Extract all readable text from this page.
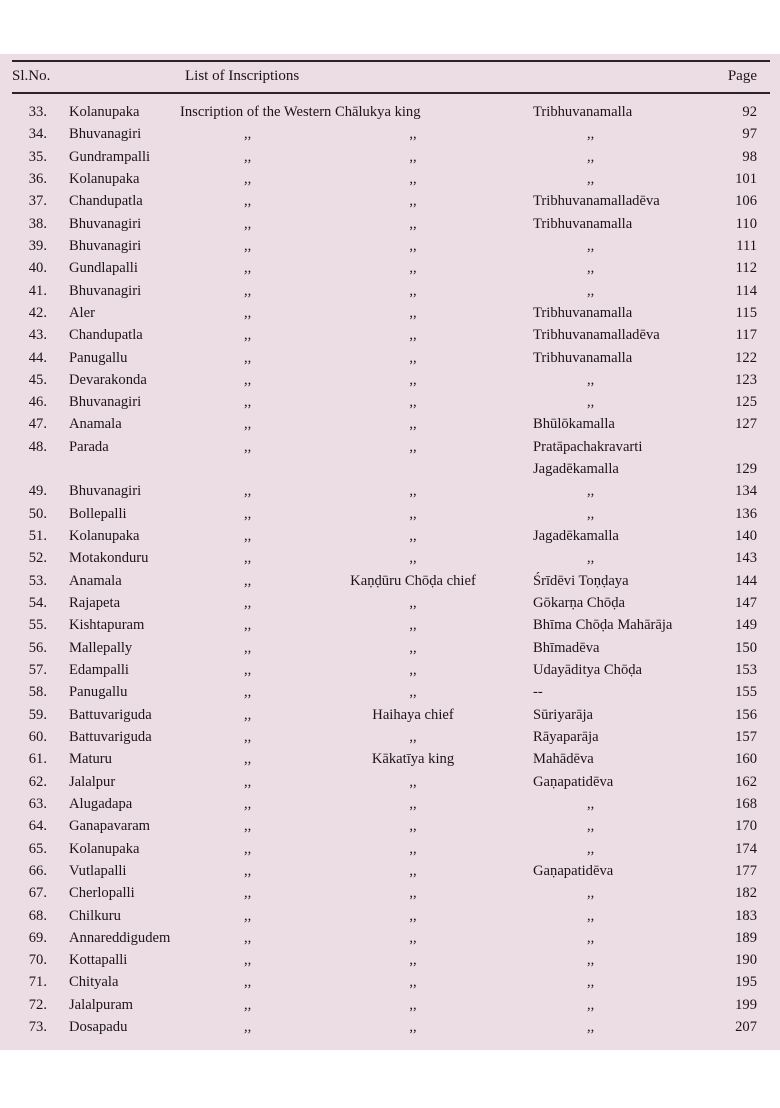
Sl.No.	List of Inscriptions	Page
33. Kolanupaka	Inscription of the Western Chālukya king	Tribhuvanamalla	92
34. Bhuvanagiri	,,	,,	,,	97
35. Gundrampalli	,,	,,	,,	98
36. Kolanupaka	,,	,,	,,	101
37. Chandupatla	,,	,,	Tribhuvanamalladēva	106
38. Bhuvanagiri	,,	,,	Tribhuvanamalla	110
39. Bhuvanagiri	,,	,,	,,	111
40. Gundlapalli	,,	,,	,,	112
41. Bhuvanagiri	,,	,,	,,	114
42. Aler	,,	,,	Tribhuvanamalla	115
43. Chandupatla	,,	,,	Tribhuvanamalladēva	117
44. Panugallu	,,	,,	Tribhuvanamalla	122
45. Devarakonda	,,	,,	,,	123
46. Bhuvanagiri	,,	,,	,,	125
47. Anamala	,,	,,	Bhūlōkamalla	127
48. Parada	,,	,,	Pratāpachakravarti
Jagadēkamalla	129
49. Bhuvanagiri	,,	,,	,,	134
50. Bollepalli	,,	,,	,,	136
51. Kolanupaka	,,	,,	Jagadēkamalla	140
52. Motakonduru	,,	,,	,,	143
53. Anamala	,,	Kaṇḍūru Chōḍa chief	Śrīdēvi Toṇḍaya	144
54. Rajapeta	,,	,,	Gōkarṇa Chōḍa	147
55. Kishtapuram	,,	,,	Bhīma Chōḍa Mahārāja	149
56. Mallepally	,,	,,	Bhīmadēva	150
57. Edampalli	,,	,,	Udayāditya Chōḍa	153
58. Panugallu	,,	,,	--	155
59. Battuvariguda	,,	Haihaya chief	Sūriyarāja	156
60. Battuvariguda	,,	,,	Rāyaparāja	157
61. Maturu	,,	Kākatīya king	Mahādēva	160
62. Jalalpur	,,	,,	Gaṇapatidēva	162
63. Alugadapa	,,	,,	,,	168
64. Ganapavaram	,,	,,	,,	170
65. Kolanupaka	,,	,,	,,	174
66. Vutlapalli	,,	,,	Gaṇapatidēva	177
67. Cherlopalli	,,	,,	,,	182
68. Chilkuru	,,	,,	,,	183
69. Annareddigudem	,,	,,	,,	189
70. Kottapalli	,,	,,	,,	190
71. Chityala	,,	,,	,,	195
72. Jalalpuram	,,	,,	,,	199
73. Dosapadu	,,	,,	,,	207
